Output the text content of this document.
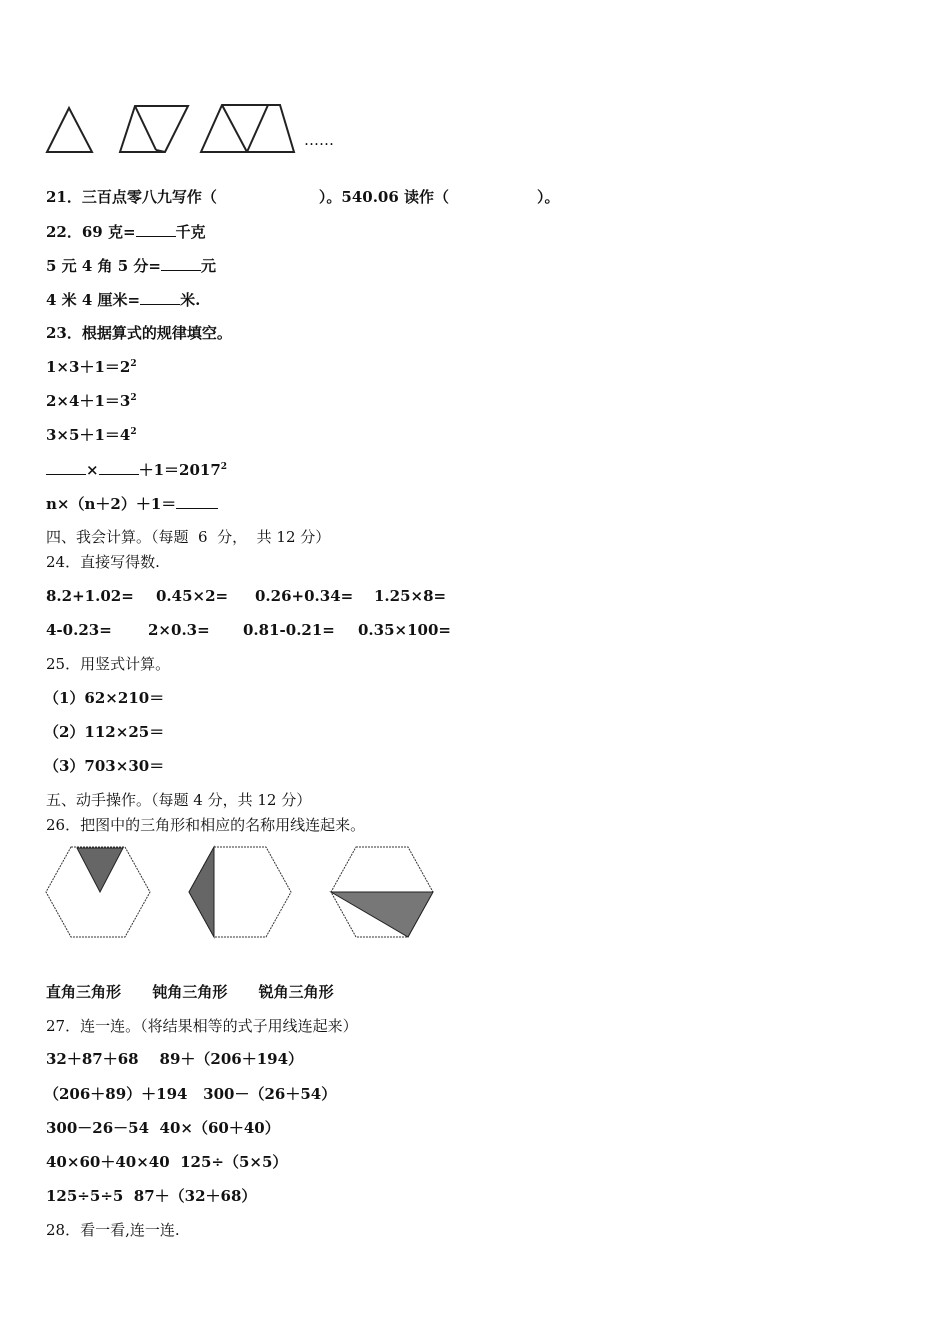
……
21．三百点零八九写作（	）。540.06 读作（	）。
22．69 克=	千克
5 元 4 角 5 分=	元
4 米 4 厘米=	米.
23．根据算式的规律填空。
$1\times 3+1=2^2$
$2\times 4+1=3^2$
$3\times 5+1=4^2$
×	$+1=2017^2$
n×（n＋2）＋1＝
四、我会计算。（每题  6  分，  共 12 分）
24．直接写得数.
8.2+1.02= 0.45×2= 0.26+0.34= 1.25×8=
4-0.23= 2×0.3= 0.81-0.21= 0.35×100=
25．用竖式计算。
（1）62×210＝
（2）112×25＝
（3）703×30＝
五、动手操作。（每题 4 分，共 12 分）
26．把图中的三角形和相应的名称用线连起来。
直角三角形      钝角三角形      锐角三角形
27．连一连。（将结果相等的式子用线连起来）
32＋87＋68    89＋（206＋194）
（206＋89）＋194   300－（26＋54）
300－26－54  40×（60＋40）
40×60＋40×40  125÷（5×5）
125÷5÷5  87＋（32＋68）
28．看一看,连一连.
